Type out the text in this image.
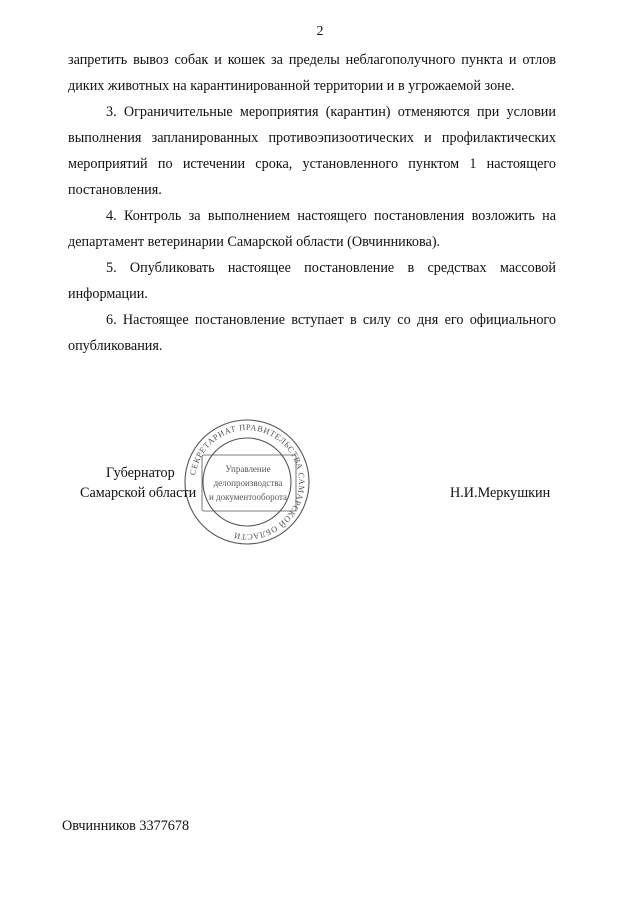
2

запретить вывоз собак и кошек за пределы неблагополучного пункта и отлов диких животных на карантинированной территории и в угрожаемой зоне.

3. Ограничительные мероприятия (карантин) отменяются при условии выполнения запланированных противоэпизоотических и профилактических мероприятий по истечении срока, установленного пунктом 1 настоящего постановления.

4. Контроль за выполнением настоящего постановления возложить на департамент ветеринарии Самарской области (Овчинникова).

5. Опубликовать настоящее постановление в средствах массовой информации.

6. Настоящее постановление вступает в силу со дня его официального опубликования.

СЕКРЕТАРИАТ ПРАВИТЕЛЬСТВА САМАРСКОЙ ОБЛАСТИ
Управление
делопроизводства
и документооборота
Губернатор
Самарской области	Н.И.Меркушкин
Овчинников 3377678
